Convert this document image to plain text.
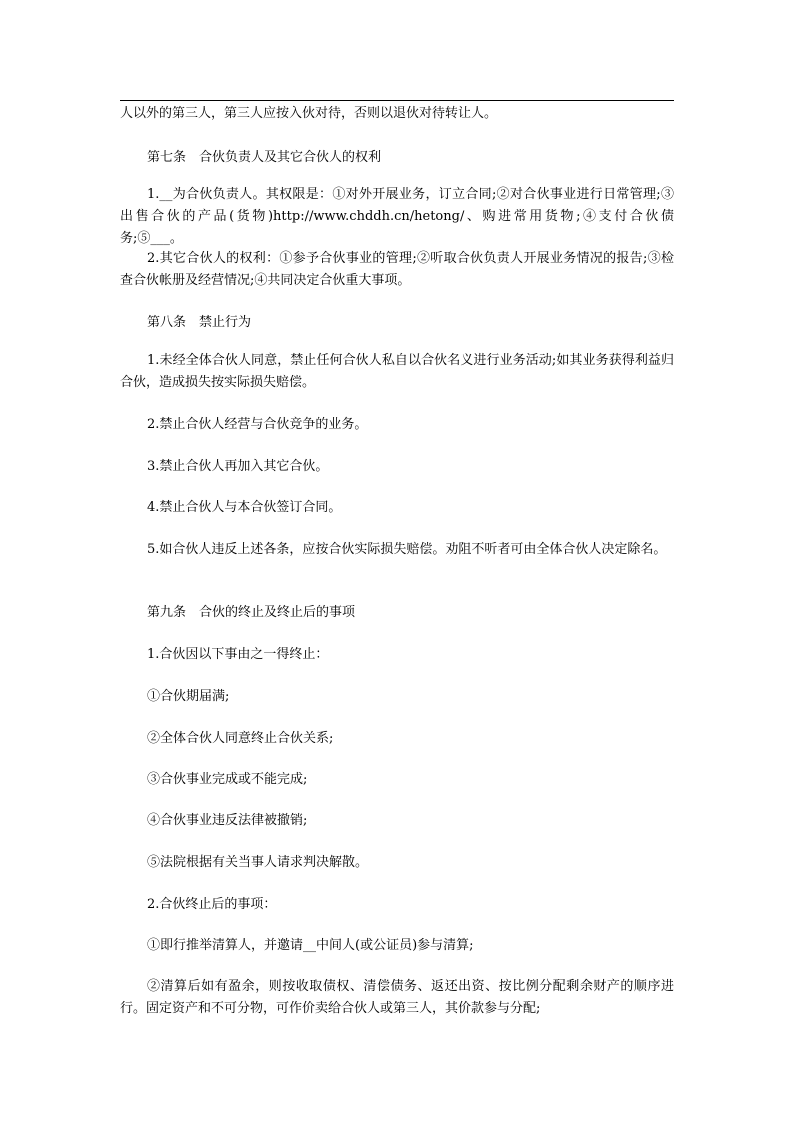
人以外的第三人，第三人应按入伙对待，否则以退伙对待转让人。
第七条　合伙负责人及其它合伙人的权利
1.__为合伙负责人。其权限是：①对外开展业务，订立合同;②对合伙事业进行日常管理;③出售合伙的产品(货物)http://www.chddh.cn/hetong/、购进常用货物;④支付合伙债务;⑤___。
2.其它合伙人的权利：①参予合伙事业的管理;②听取合伙负责人开展业务情况的报告;③检查合伙帐册及经营情况;④共同决定合伙重大事项。
第八条　禁止行为
1.未经全体合伙人同意，禁止任何合伙人私自以合伙名义进行业务活动;如其业务获得利益归合伙，造成损失按实际损失赔偿。
2.禁止合伙人经营与合伙竞争的业务。
3.禁止合伙人再加入其它合伙。
4.禁止合伙人与本合伙签订合同。
5.如合伙人违反上述各条，应按合伙实际损失赔偿。劝阻不听者可由全体合伙人决定除名。
第九条　合伙的终止及终止后的事项
1.合伙因以下事由之一得终止：
①合伙期届满;
②全体合伙人同意终止合伙关系;
③合伙事业完成或不能完成;
④合伙事业违反法律被撤销;
⑤法院根据有关当事人请求判决解散。
2.合伙终止后的事项：
①即行推举清算人，并邀请__中间人(或公证员)参与清算;
②清算后如有盈余，则按收取债权、清偿债务、返还出资、按比例分配剩余财产的顺序进行。固定资产和不可分物，可作价卖给合伙人或第三人，其价款参与分配;
